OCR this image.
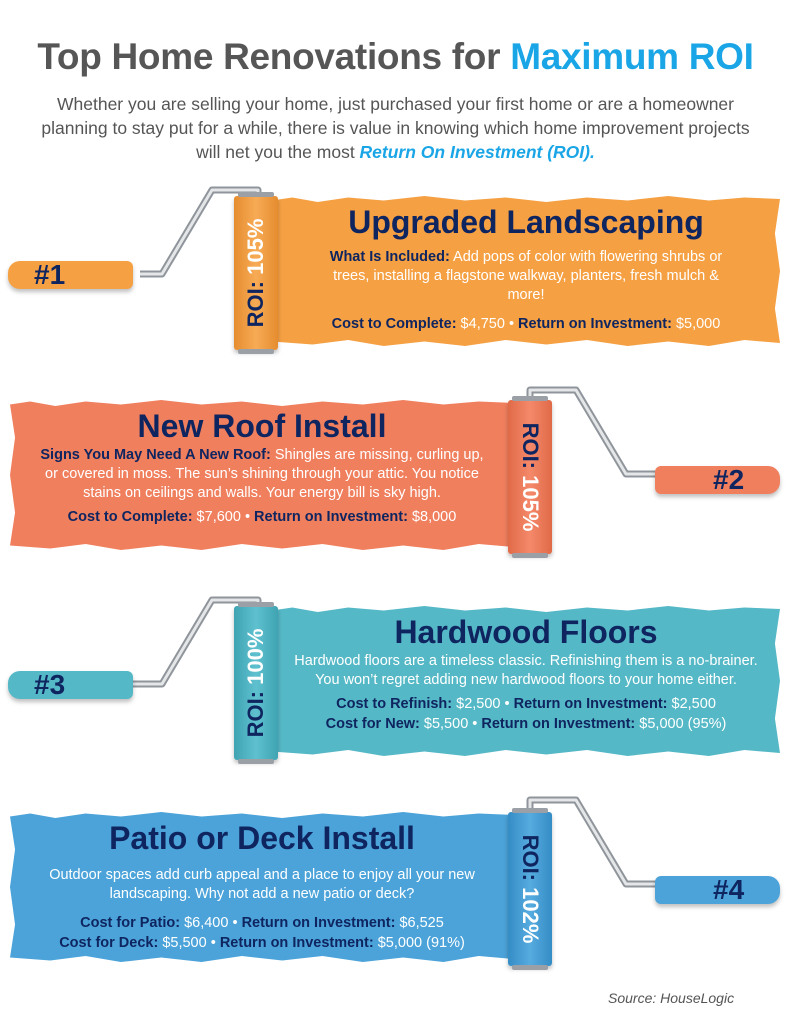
Top Home Renovations for Maximum ROI
Whether you are selling your home, just purchased your first home or are a homeowner planning to stay put for a while, there is value in knowing which home improvement projects will net you the most Return On Investment (ROI).
#1
Upgraded Landscaping

What Is Included: Add pops of color with flowering shrubs or trees, installing a flagstone walkway, planters, fresh mulch & more!

Cost to Complete: $4,750 • Return on Investment: $5,000
ROI: 105%
#2
New Roof Install

Signs You May Need A New Roof: Shingles are missing, curling up, or covered in moss. The sun’s shining through your attic. You notice stains on ceilings and walls. Your energy bill is sky high.

Cost to Complete: $7,600 • Return on Investment: $8,000
ROI: 105%
#3
Hardwood Floors

Hardwood floors are a timeless classic. Refinishing them is a no-brainer. You won’t regret adding new hardwood floors to your home either.

Cost to Refinish: $2,500 • Return on Investment: $2,500
Cost for New: $5,500 • Return on Investment: $5,000 (95%)
ROI: 100%
#4
Patio or Deck Install

Outdoor spaces add curb appeal and a place to enjoy all your new landscaping. Why not add a new patio or deck?

Cost for Patio: $6,400 • Return on Investment: $6,525
Cost for Deck: $5,500 • Return on Investment: $5,000 (91%)
ROI: 102%
Source: HouseLogic
